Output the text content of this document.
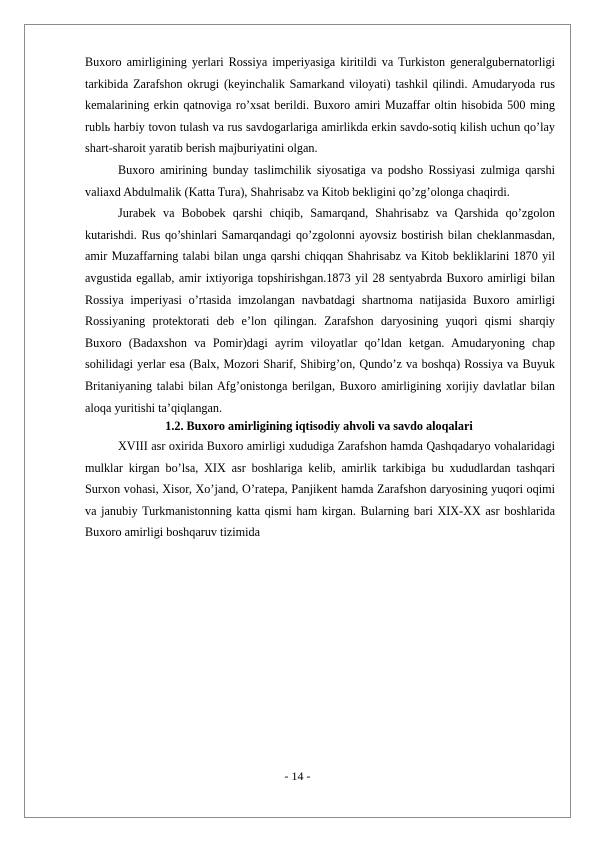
Buxoro amirligining yerlari Rossiya imperiyasiga kiritildi va Turkiston generalgubernatorligi tarkibida Zarafshon okrugi (keyinchalik Samarkand viloyati) tashkil qilindi. Amudaryoda rus kemalarining erkin qatnoviga ro’xsat berildi. Buxoro amiri Muzaffar oltin hisobida 500 ming rublь harbiy tovon tulash va rus savdogarlariga amirlikda erkin savdo-sotiq kilish uchun qo’lay shart-sharoit yaratib berish majburiyatini olgan.

Buxoro amirining bunday taslimchilik siyosatiga va podsho Rossiyasi zulmiga qarshi valiaxd Abdulmalik (Katta Tura), Shahrisabz va Kitob bekligini qo’zg’olonga chaqirdi.

Jurabek va Bobobek qarshi chiqib, Samarqand, Shahrisabz va Qarshida qo’zgolon kutarishdi. Rus qo’shinlari Samarqandagi qo’zgolonni ayovsiz bostirish bilan cheklanmasdan, amir Muzaffarning talabi bilan unga qarshi chiqqan Shahrisabz va Kitob bekliklarini 1870 yil avgustida egallab, amir ixtiyoriga topshirishgan.1873 yil 28 sentyabrda Buxoro amirligi bilan Rossiya imperiyasi o’rtasida imzolangan navbatdagi shartnoma natijasida Buxoro amirligi Rossiyaning protektorati deb e’lon qilingan. Zarafshon daryosining yuqori qismi sharqiy Buxoro (Badaxshon va Pomir)dagi ayrim viloyatlar qo’ldan ketgan. Amudaryoning chap sohilidagi yerlar esa (Balx, Mozori Sharif, Shibirg’on, Qundo’z va boshqa) Rossiya va Buyuk Britaniyaning talabi bilan Afg’onistonga berilgan, Buxoro amirligining xorijiy davlatlar bilan aloqa yuritishi ta’qiqlangan.

1.2. Buxoro amirligining iqtisodiy ahvoli va savdo aloqalari

XVIII asr oxirida Buxoro amirligi xududiga Zarafshon hamda Qashqadaryo vohalaridagi mulklar kirgan bo’lsa, XIX asr boshlariga kelib, amirlik tarkibiga bu xududlardan tashqari Surxon vohasi, Xisor, Xo’jand, O’ratepa, Panjikent hamda Zarafshon daryosining yuqori oqimi va janubiy Turkmanistonning katta qismi ham kirgan. Bularning bari XIX-XX asr boshlarida Buxoro amirligi boshqaruv tizimida

- 14 -
